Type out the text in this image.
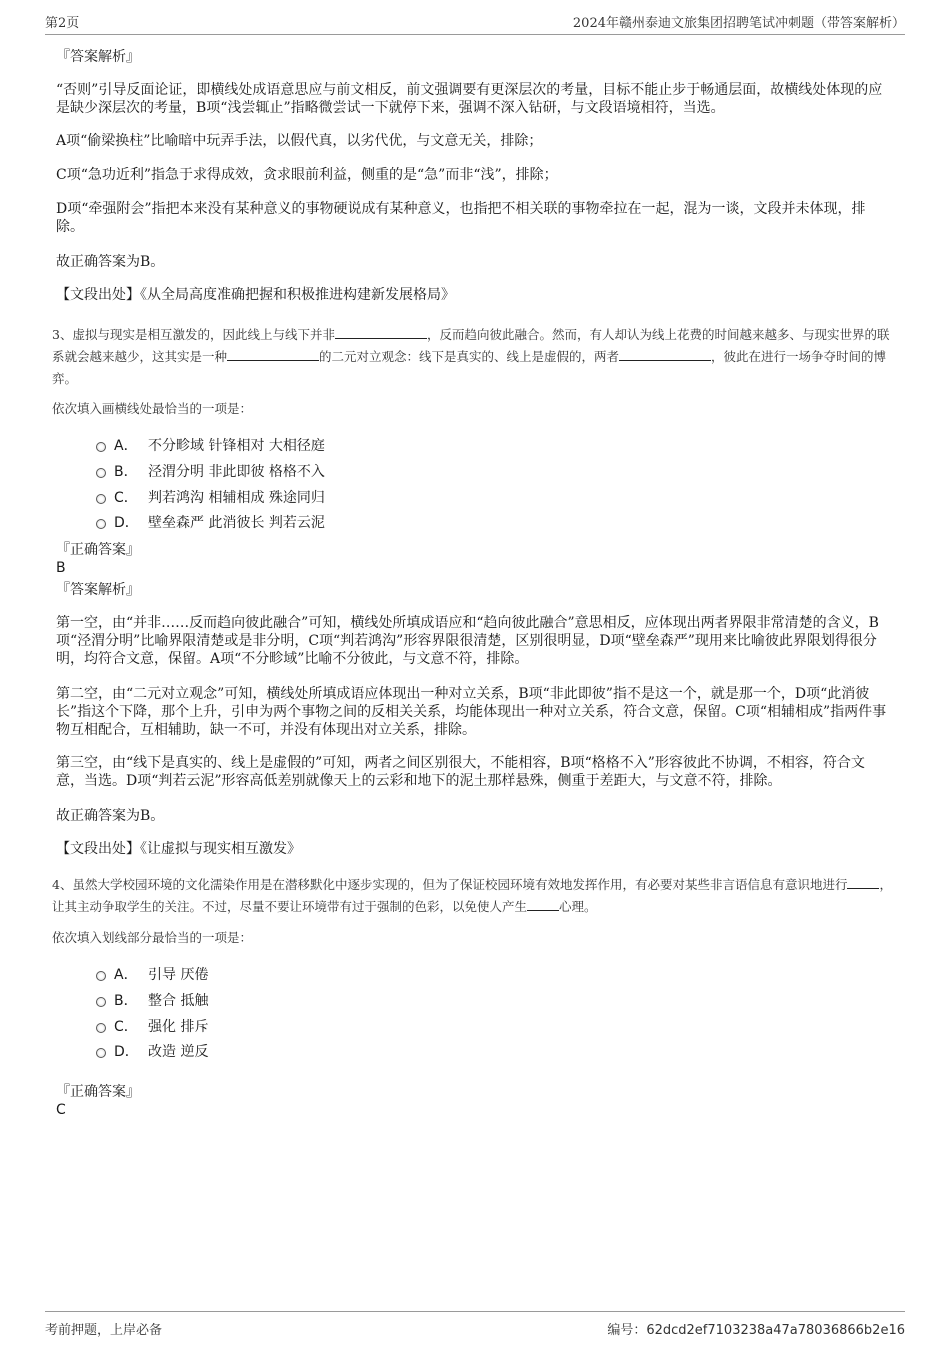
第2页	2024年赣州泰迪文旅集团招聘笔试冲刺题（带答案解析）
『答案解析』
“否则”引导反面论证，即横线处成语意思应与前文相反，前文强调要有更深层次的考量，目标不能止步于畅通层面，故横线处体现的应是缺少深层次的考量，B项“浅尝辄止”指略微尝试一下就停下来，强调不深入钻研，与文段语境相符，当选。
A项“偷梁换柱”比喻暗中玩弄手法，以假代真，以劣代优，与文意无关，排除；
C项“急功近利”指急于求得成效，贪求眼前利益，侧重的是“急”而非“浅”，排除；
D项“牵强附会”指把本来没有某种意义的事物硬说成有某种意义，也指把不相关联的事物牵拉在一起，混为一谈，文段并未体现，排除。
故正确答案为B。
【文段出处】《从全局高度准确把握和积极推进构建新发展格局》
3、虚拟与现实是相互激发的，因此线上与线下并非	，反而趋向彼此融合。然而，有人却认为线上花费的时间越来越多、与现实世界的联系就会越来越少，这其实是一种	的二元对立观念：线下是真实的、线上是虚假的，两者	，彼此在进行一场争夺时间的博弈。
依次填入画横线处最恰当的一项是：
A． 不分畛域 针锋相对 大相径庭
B． 泾渭分明 非此即彼 格格不入
C． 判若鸿沟 相辅相成 殊途同归
D． 壁垒森严 此消彼长 判若云泥
『正确答案』
B
『答案解析』
第一空，由“并非……反而趋向彼此融合”可知，横线处所填成语应和“趋向彼此融合”意思相反，应体现出两者界限非常清楚的含义，B项“泾渭分明”比喻界限清楚或是非分明，C项“判若鸿沟”形容界限很清楚，区别很明显，D项“壁垒森严”现用来比喻彼此界限划得很分明，均符合文意，保留。A项“不分畛域”比喻不分彼此，与文意不符，排除。
第二空，由“二元对立观念”可知，横线处所填成语应体现出一种对立关系，B项“非此即彼”指不是这一个，就是那一个，D项“此消彼长”指这个下降，那个上升，引申为两个事物之间的反相关关系，均能体现出一种对立关系，符合文意，保留。C项“相辅相成”指两件事物互相配合，互相辅助，缺一不可，并没有体现出对立关系，排除。
第三空，由“线下是真实的、线上是虚假的”可知，两者之间区别很大，不能相容，B项“格格不入”形容彼此不协调，不相容，符合文意，当选。D项“判若云泥”形容高低差别就像天上的云彩和地下的泥土那样悬殊，侧重于差距大，与文意不符，排除。
故正确答案为B。
【文段出处】《让虚拟与现实相互激发》
4、虽然大学校园环境的文化濡染作用是在潜移默化中逐步实现的，但为了保证校园环境有效地发挥作用，有必要对某些非言语信息有意识地进行	，让其主动争取学生的关注。不过，尽量不要让环境带有过于强制的色彩，以免使人产生	心理。
依次填入划线部分最恰当的一项是：
A． 引导 厌倦
B． 整合 抵触
C． 强化 排斥
D． 改造 逆反
『正确答案』
C
考前押题，上岸必备	编号：62dcd2ef7103238a47a78036866b2e16
